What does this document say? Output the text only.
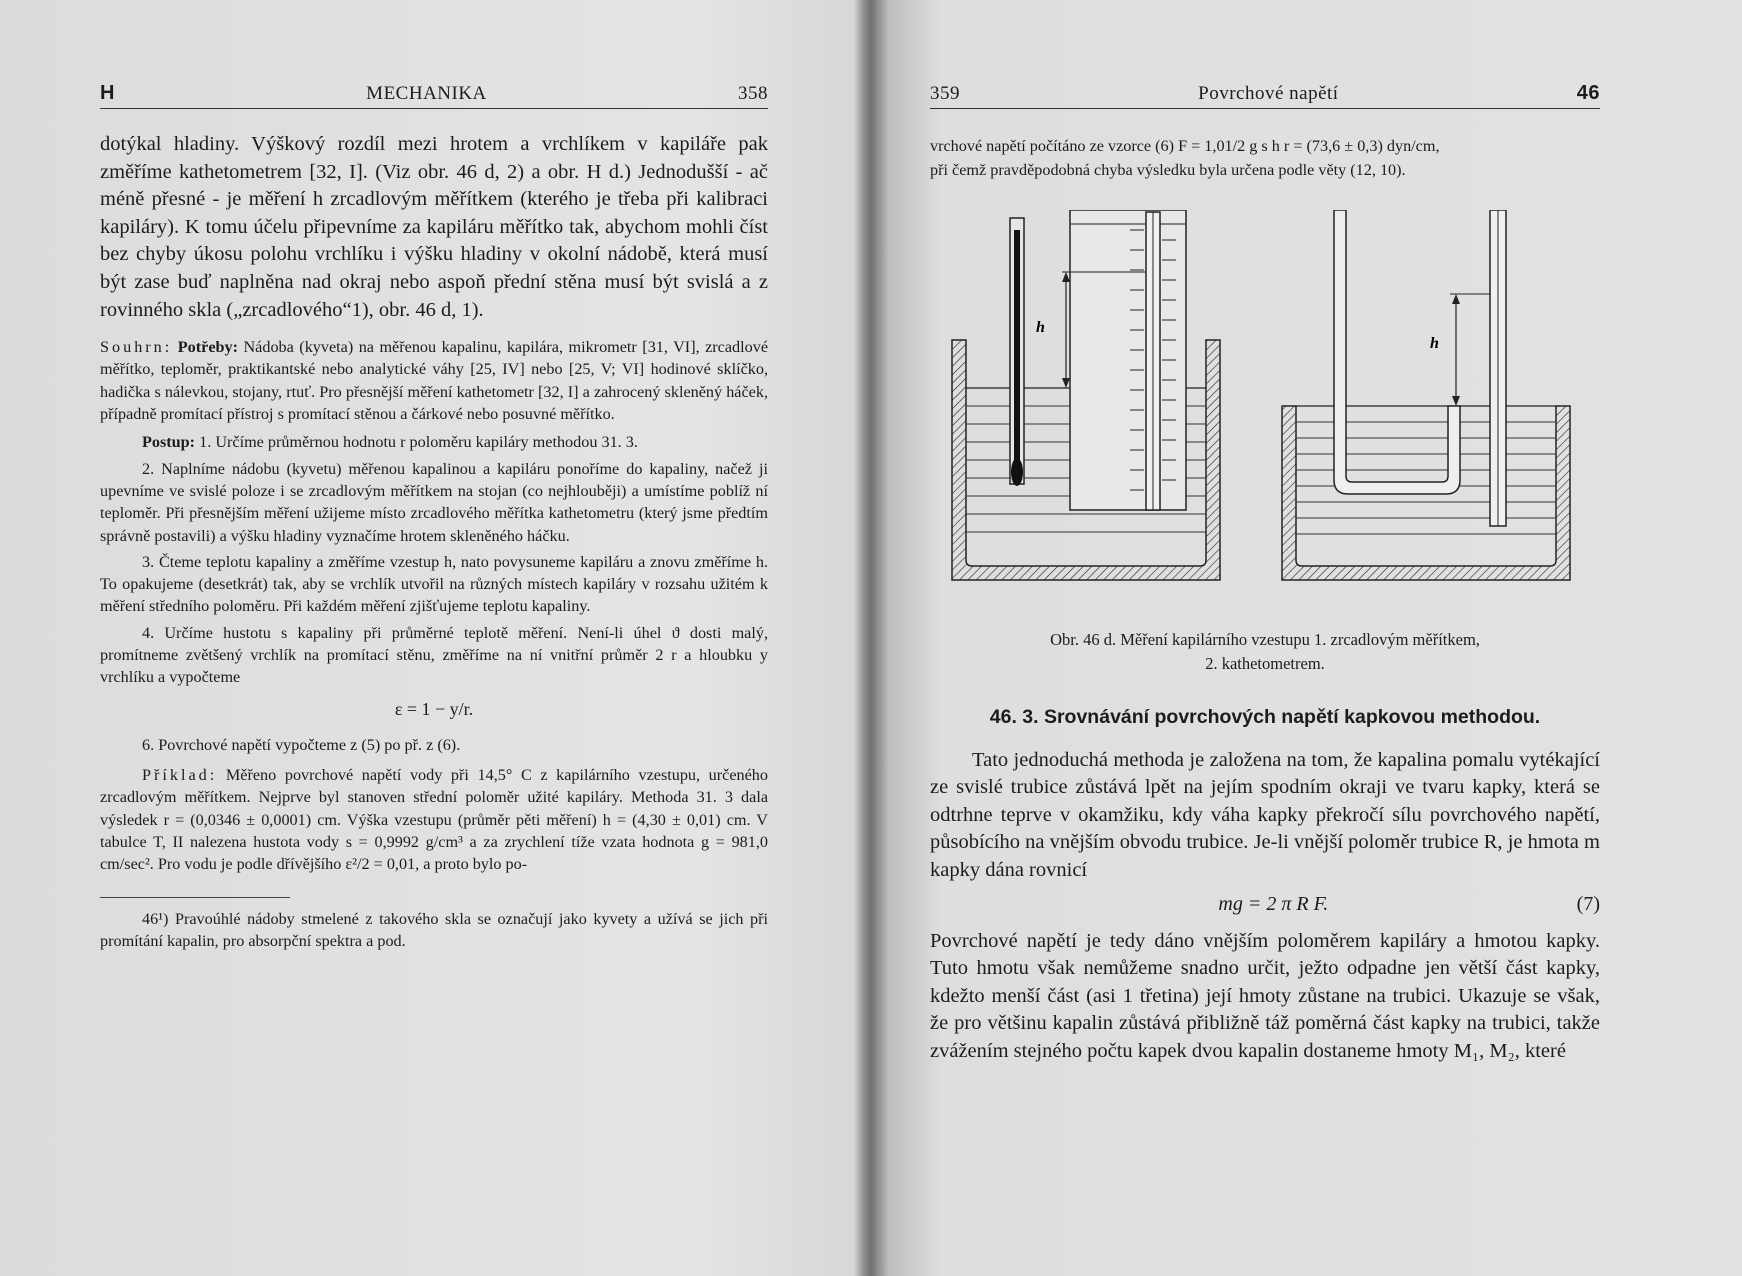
H	MECHANIKA	358

dotýkal hladiny. Výškový rozdíl mezi hrotem a vrchlíkem v kapiláře pak změříme kathetometrem [32, I]. (Viz obr. 46 d, 2) a obr. H d.) Jednodušší - ač méně přesné - je měření h zrcadlovým měřítkem (kterého je třeba při kalibraci kapiláry). K tomu účelu připevníme za kapiláru měřítko tak, abychom mohli číst bez chyby úkosu polohu vrchlíku i výšku hladiny v okolní nádobě, která musí být zase buď naplněna nad okraj nebo aspoň přední stěna musí být svislá a z rovinného skla („zrcadlového“1), obr. 46 d, 1).

Souhrn: Potřeby: Nádoba (kyveta) na měřenou kapalinu, kapilára, mikrometr [31, VI], zrcadlové měřítko, teploměr, praktikantské nebo analytické váhy [25, IV] nebo [25, V; VI] hodinové sklíčko, hadička s nálevkou, stojany, rtuť. Pro přesnější měření kathetometr [32, I] a zahrocený skleněný háček, případně promítací přístroj s promítací stěnou a čárkové nebo posuvné měřítko.

Postup: 1. Určíme průměrnou hodnotu r poloměru kapiláry methodou 31. 3.

2. Naplníme nádobu (kyvetu) měřenou kapalinou a kapiláru ponoříme do kapaliny, načež ji upevníme ve svislé poloze i se zrcadlovým měřítkem na stojan (co nejhlouběji) a umístíme poblíž ní teploměr. Při přesnějším měření užijeme místo zrcadlového měřítka kathetometru (který jsme předtím správně postavili) a výšku hladiny vyznačíme hrotem skleněného háčku.

3. Čteme teplotu kapaliny a změříme vzestup h, nato povysuneme kapiláru a znovu změříme h. To opakujeme (desetkrát) tak, aby se vrchlík utvořil na různých místech kapiláry v rozsahu užitém k měření středního poloměru. Při každém měření zjišťujeme teplotu kapaliny.

4. Určíme hustotu s kapaliny při průměrné teplotě měření. Není-li úhel ϑ dosti malý, promítneme zvětšený vrchlík na promítací stěnu, změříme na ní vnitřní průměr 2 r a hloubku y vrchlíku a vypočteme

ε = 1 − y/r.

6. Povrchové napětí vypočteme z (5) po př. z (6).

Příklad: Měřeno povrchové napětí vody při 14,5° C z kapilárního vzestupu, určeného zrcadlovým měřítkem. Nejprve byl stanoven střední poloměr užité kapiláry. Methoda 31. 3 dala výsledek r = (0,0346 ± 0,0001) cm. Výška vzestupu (průměr pěti měření) h = (4,30 ± 0,01) cm. V tabulce T, II nalezena hustota vody s = 0,9992 g/cm³ a za zrychlení tíže vzata hodnota g = 981,0 cm/sec². Pro vodu je podle dřívějšího ε²/2 = 0,01, a proto bylo po-

46¹) Pravoúhlé nádoby stmelené z takového skla se označují jako kyvety a užívá se jich při promítání kapalin, pro absorpční spektra a pod.

359	Povrchové napětí	46

vrchové napětí počítáno ze vzorce (6) F = 1,01/2 g s h r = (73,6 ± 0,3) dyn/cm,

při čemž pravděpodobná chyba výsledku byla určena podle věty (12, 10).

h
h
Obr. 46 d. Měření kapilárního vzestupu 1. zrcadlovým měřítkem,
2. kathetometrem.
46. 3. Srovnávání povrchových napětí kapkovou methodou.

Tato jednoduchá methoda je založena na tom, že kapalina pomalu vytékající ze svislé trubice zůstává lpět na jejím spodním okraji ve tvaru kapky, která se odtrhne teprve v okamžiku, kdy váha kapky překročí sílu povrchového napětí, působícího na vnějším obvodu trubice. Je-li vnější poloměr trubice R, je hmota m kapky dána rovnicí

mg = 2 π R F.	(7)

Povrchové napětí je tedy dáno vnějším poloměrem kapiláry a hmotou kapky. Tuto hmotu však nemůžeme snadno určit, ježto odpadne jen větší část kapky, kdežto menší část (asi 1 třetina) její hmoty zůstane na trubici. Ukazuje se však, že pro většinu kapalin zůstává přibližně táž poměrná část kapky na trubici, takže zvážením stejného počtu kapek dvou kapalin dostaneme hmoty M₁, M₂, které
